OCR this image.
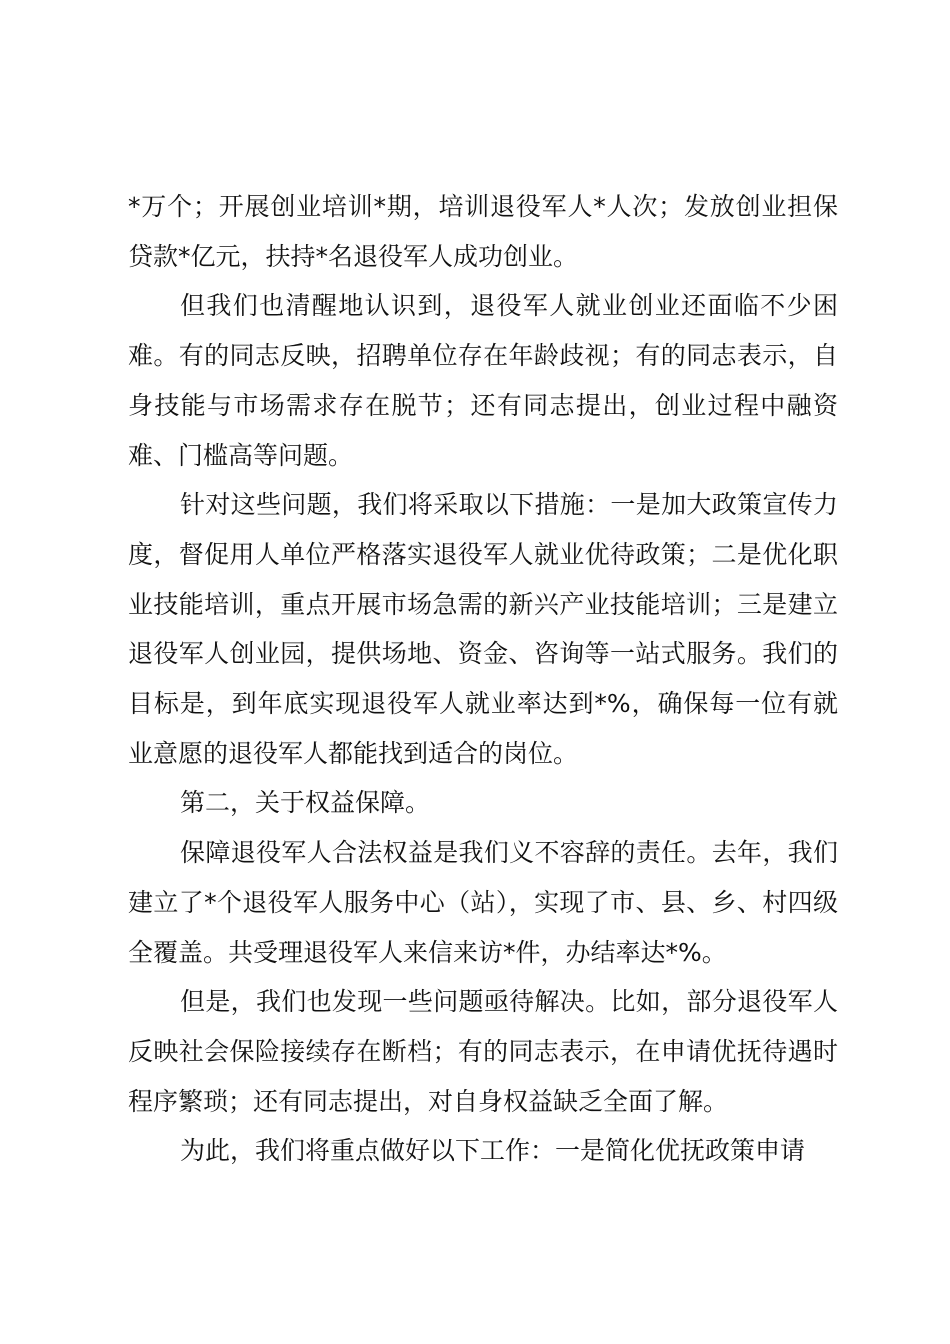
*万个；开展创业培训*期，培训退役军人*人次；发放创业担保贷款*亿元，扶持*名退役军人成功创业。

但我们也清醒地认识到，退役军人就业创业还面临不少困难。有的同志反映，招聘单位存在年龄歧视；有的同志表示，自身技能与市场需求存在脱节；还有同志提出，创业过程中融资难、门槛高等问题。

针对这些问题，我们将采取以下措施：一是加大政策宣传力度，督促用人单位严格落实退役军人就业优待政策；二是优化职业技能培训，重点开展市场急需的新兴产业技能培训；三是建立退役军人创业园，提供场地、资金、咨询等一站式服务。我们的目标是，到年底实现退役军人就业率达到*%，确保每一位有就业意愿的退役军人都能找到适合的岗位。

第二，关于权益保障。

保障退役军人合法权益是我们义不容辞的责任。去年，我们建立了*个退役军人服务中心（站），实现了市、县、乡、村四级全覆盖。共受理退役军人来信来访*件，办结率达*%。

但是，我们也发现一些问题亟待解决。比如，部分退役军人反映社会保险接续存在断档；有的同志表示，在申请优抚待遇时程序繁琐；还有同志提出，对自身权益缺乏全面了解。

为此，我们将重点做好以下工作：一是简化优抚政策申请
